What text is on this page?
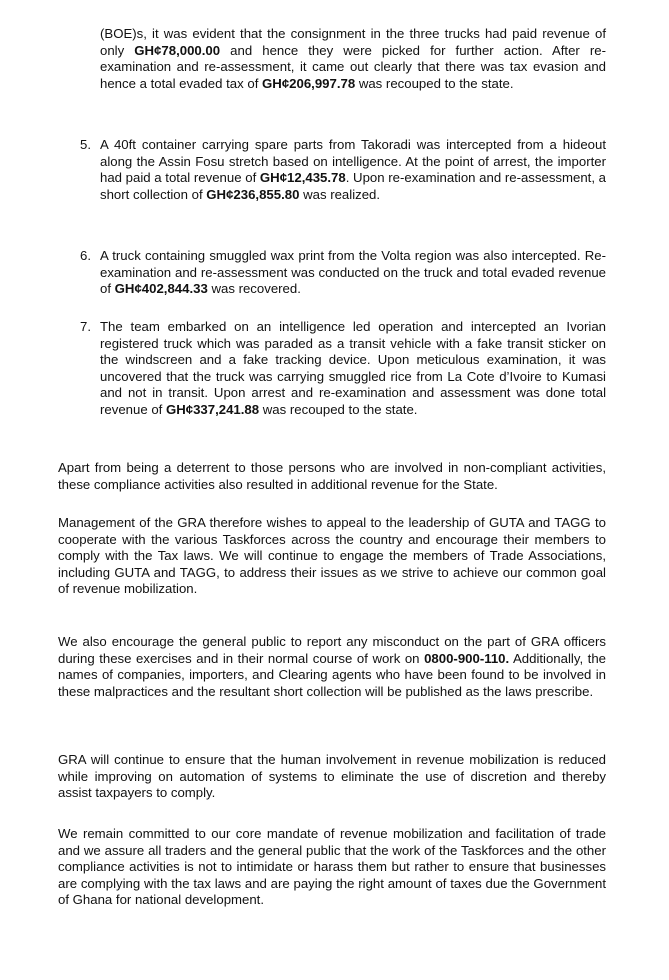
(BOE)s, it was evident that the consignment in the three trucks had paid revenue of only GH¢78,000.00 and hence they were picked for further action. After re-examination and re-assessment, it came out clearly that there was tax evasion and hence a total evaded tax of GH¢206,997.78 was recouped to the state.

5. A 40ft container carrying spare parts from Takoradi was intercepted from a hideout along the Assin Fosu stretch based on intelligence. At the point of arrest, the importer had paid a total revenue of GH¢12,435.78. Upon re-examination and re-assessment, a short collection of GH¢236,855.80 was realized.

6. A truck containing smuggled wax print from the Volta region was also intercepted. Re-examination and re-assessment was conducted on the truck and total evaded revenue of GH¢402,844.33 was recovered.

7. The team embarked on an intelligence led operation and intercepted an Ivorian registered truck which was paraded as a transit vehicle with a fake transit sticker on the windscreen and a fake tracking device. Upon meticulous examination, it was uncovered that the truck was carrying smuggled rice from La Cote d’Ivoire to Kumasi and not in transit. Upon arrest and re-examination and assessment was done total revenue of GH¢337,241.88 was recouped to the state.

Apart from being a deterrent to those persons who are involved in non-compliant activities, these compliance activities also resulted in additional revenue for the State.

Management of the GRA therefore wishes to appeal to the leadership of GUTA and TAGG to cooperate with the various Taskforces across the country and encourage their members to comply with the Tax laws. We will continue to engage the members of Trade Associations, including GUTA and TAGG, to address their issues as we strive to achieve our common goal of revenue mobilization.

We also encourage the general public to report any misconduct on the part of GRA officers during these exercises and in their normal course of work on 0800-900-110. Additionally, the names of companies, importers, and Clearing agents who have been found to be involved in these malpractices and the resultant short collection will be published as the laws prescribe.

GRA will continue to ensure that the human involvement in revenue mobilization is reduced while improving on automation of systems to eliminate the use of discretion and thereby assist taxpayers to comply.

We remain committed to our core mandate of revenue mobilization and facilitation of trade and we assure all traders and the general public that the work of the Taskforces and the other compliance activities is not to intimidate or harass them but rather to ensure that businesses are complying with the tax laws and are paying the right amount of taxes due the Government of Ghana for national development.
